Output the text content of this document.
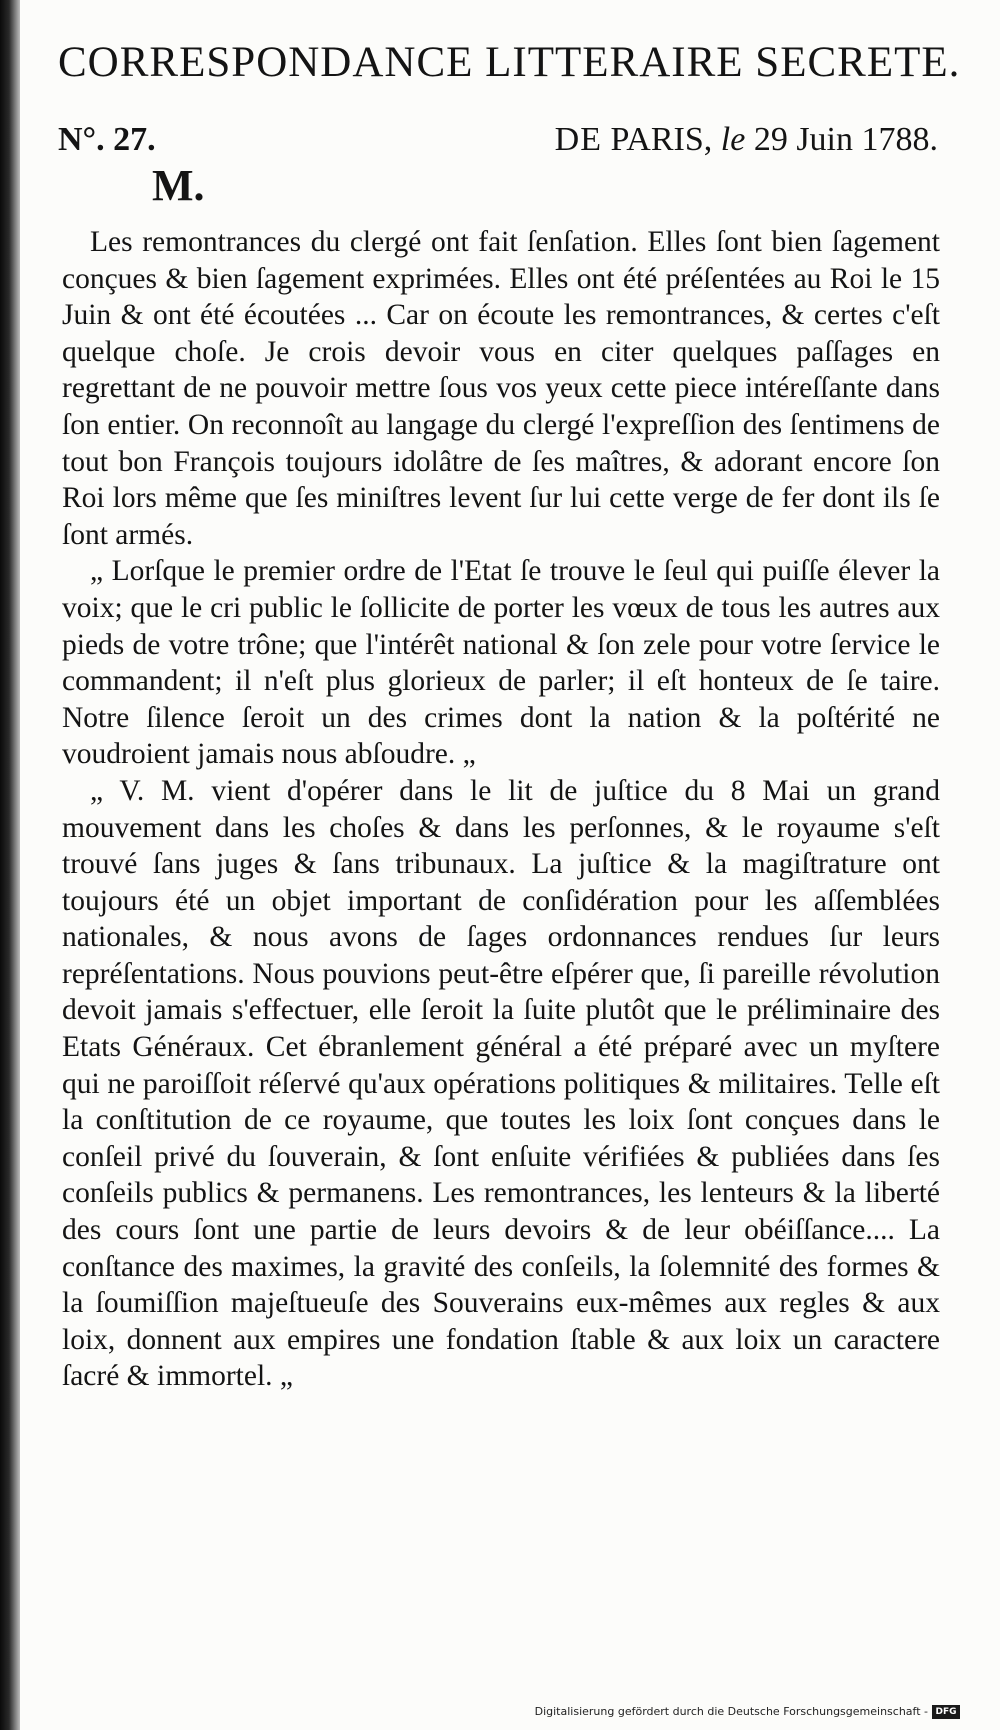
CORRESPONDANCE LITTERAIRE SECRETE.
N°. 27.	DE PARIS, le 29 Juin 1788.
M.

Les remontrances du clergé ont fait ſenſation. Elles ſont bien ſagement conçues & bien ſagement exprimées. Elles ont été préſentées au Roi le 15 Juin & ont été écoutées ... Car on écoute les remontrances, & certes c'eſt quelque choſe. Je crois devoir vous en citer quelques paſſages en regrettant de ne pouvoir mettre ſous vos yeux cette piece intéreſſante dans ſon entier. On reconnoît au langage du clergé l'expreſſion des ſentimens de tout bon François toujours idolâtre de ſes maîtres, & adorant encore ſon Roi lors même que ſes miniſtres levent ſur lui cette verge de fer dont ils ſe ſont armés.

„ Lorſque le premier ordre de l'Etat ſe trouve le ſeul qui puiſſe élever la voix; que le cri public le ſollicite de porter les vœux de tous les autres aux pieds de votre trône; que l'intérêt national & ſon zele pour votre ſervice le commandent; il n'eſt plus glorieux de parler; il eſt honteux de ſe taire. Notre ſilence ſeroit un des crimes dont la nation & la poſtérité ne voudroient jamais nous abſoudre. „

„ V. M. vient d'opérer dans le lit de juſtice du 8 Mai un grand mouvement dans les choſes & dans les perſonnes, & le royaume s'eſt trouvé ſans juges & ſans tribunaux. La juſtice & la magiſtrature ont toujours été un objet important de conſidération pour les aſſemblées nationales, & nous avons de ſages ordonnances rendues ſur leurs repréſentations. Nous pouvions peut-être eſpérer que, ſi pareille révolution devoit jamais s'effectuer, elle ſeroit la ſuite plutôt que le préliminaire des Etats Généraux. Cet ébranlement général a été préparé avec un myſtere qui ne paroiſſoit réſervé qu'aux opérations politiques & militaires. Telle eſt la conſtitution de ce royaume, que toutes les loix ſont conçues dans le conſeil privé du ſouverain, & ſont enſuite vérifiées & publiées dans ſes conſeils publics & permanens. Les remontrances, les lenteurs & la liberté des cours ſont une partie de leurs devoirs & de leur obéiſſance.... La conſtance des maximes, la gravité des conſeils, la ſolemnité des formes & la ſoumiſſion majeſtueuſe des Souverains eux-mêmes aux regles & aux loix, donnent aux empires une fondation ſtable & aux loix un caractere ſacré & immortel. „

Digitalisierung gefördert durch die Deutsche Forschungsgemeinschaft - DFG
